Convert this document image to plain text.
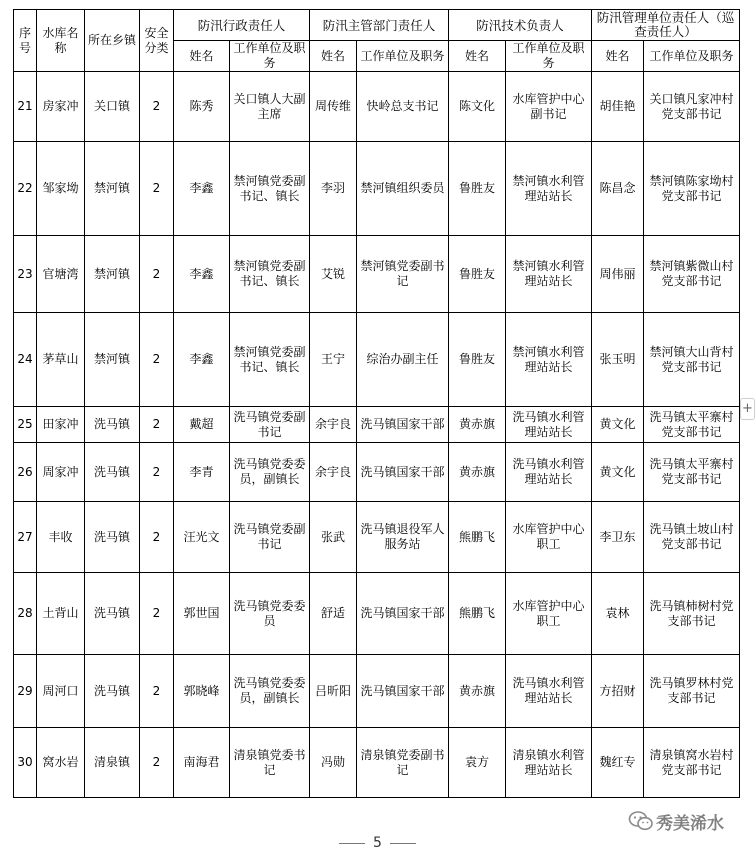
序号	水库名称	所在乡镇	安全分类	防汛行政责任人		防汛主管部门责任人		防汛技术负责人		防汛管理单位责任人（巡查责任人）	
				姓名	工作单位及职务	姓名	工作单位及职务	姓名	工作单位及职务	姓名	工作单位及职务
21	房家冲	关口镇	2	陈秀	关口镇人大副主席	周传维	快岭总支书记	陈文化	水库管护中心副书记	胡佳艳	关口镇凡家冲村党支部书记
22	邹家坳	禁河镇	2	李鑫	禁河镇党委副书记、镇长	李羽	禁河镇组织委员	鲁胜友	禁河镇水利管理站站长	陈昌念	禁河镇陈家坳村党支部书记
23	官塘湾	禁河镇	2	李鑫	禁河镇党委副书记、镇长	艾锐	禁河镇党委副书记	鲁胜友	禁河镇水利管理站站长	周伟丽	禁河镇紫微山村党支部书记
24	茅草山	禁河镇	2	李鑫	禁河镇党委副书记、镇长	王宁	综治办副主任	鲁胜友	禁河镇水利管理站站长	张玉明	禁河镇大山背村党支部书记
25	田家冲	洗马镇	2	戴超	洗马镇党委副书记	余宇良	洗马镇国家干部	黄赤旗	洗马镇水利管理站站长	黄文化	洗马镇太平寨村党支部书记
26	周家冲	洗马镇	2	李青	洗马镇党委委员，副镇长	余宇良	洗马镇国家干部	黄赤旗	洗马镇水利管理站站长	黄文化	洗马镇太平寨村党支部书记
27	丰收	洗马镇	2	汪光文	洗马镇党委副书记	张武	洗马镇退役军人服务站	熊鹏飞	水库管护中心职工	李卫东	洗马镇土坡山村党支部书记
28	土背山	洗马镇	2	郭世国	洗马镇党委委员	舒适	洗马镇国家干部	熊鹏飞	水库管护中心职工	袁林	洗马镇柿树村党支部书记
29	周河口	洗马镇	2	郭晓峰	洗马镇党委委员，副镇长	吕昕阳	洗马镇国家干部	黄赤旗	洗马镇水利管理站站长	方招财	洗马镇罗林村党支部书记
30	窝水岩	清泉镇	2	南海君	清泉镇党委书记	冯勋	清泉镇党委副书记	袁方	清泉镇水利管理站站长	魏红专	清泉镇窝水岩村党支部书记
+
秀美浠水
5
